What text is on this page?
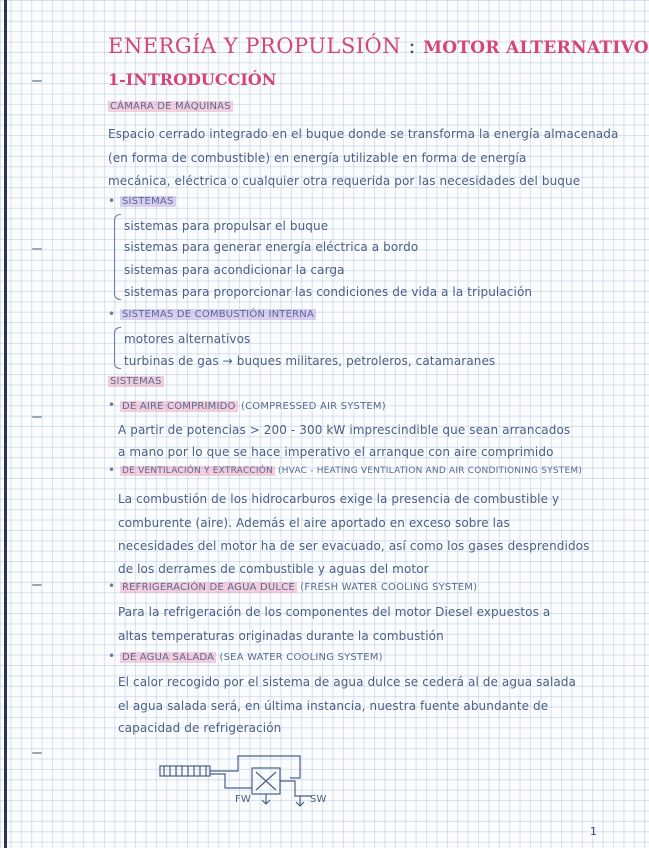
ENERGÍA Y PROPULSIÓN : MOTOR ALTERNATIVO
1-INTRODUCCIÓN
CÁMARA DE MÁQUINAS
Espacio cerrado integrado en el buque donde se transforma la energía almacenada
(en forma de combustible) en energía utilizable en forma de energía
mecánica, eléctrica o cualquier otra requerida por las necesidades del buque
• SISTEMAS
sistemas para propulsar el buque
sistemas para generar energía eléctrica a bordo
sistemas para acondicionar la carga
sistemas para proporcionar las condiciones de vida a la tripulación
• SISTEMAS DE COMBUSTIÓN INTERNA
motores alternativos
turbinas de gas → buques militares, petroleros, catamaranes
SISTEMAS
• DE AIRE COMPRIMIDO (COMPRESSED AIR SYSTEM)
A partir de potencias > 200 - 300 kW imprescindible que sean arrancados
a mano por lo que se hace imperativo el arranque con aire comprimido
• DE VENTILACIÓN Y EXTRACCIÓN (HVAC - HEATING VENTILATION AND AIR CONDITIONING SYSTEM)
La combustión de los hidrocarburos exige la presencia de combustible y
comburente (aire). Además el aire aportado en exceso sobre las
necesidades del motor ha de ser evacuado, así como los gases desprendidos
de los derrames de combustible y aguas del motor
• REFRIGERACIÓN DE AGUA DULCE (FRESH WATER COOLING SYSTEM)
Para la refrigeración de los componentes del motor Diesel expuestos a
altas temperaturas originadas durante la combustión
• DE AGUA SALADA (SEA WATER COOLING SYSTEM)
El calor recogido por el sistema de agua dulce se cederá al de agua salada
el agua salada será, en última instancia, nuestra fuente abundante de
capacidad de refrigeración
FW	SW
1
